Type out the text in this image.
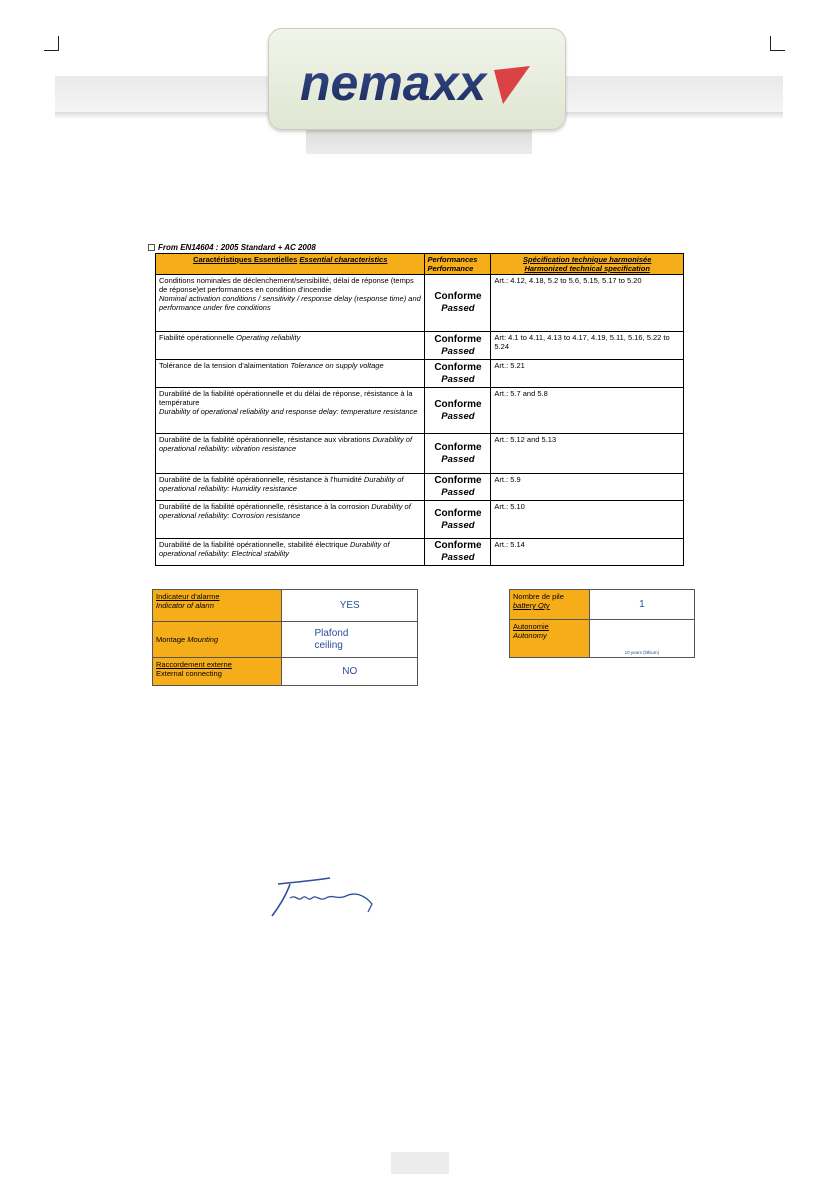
nemaxx
From EN14604 : 2005 Standard + AC 2008
Caractéristiques Essentielles Essential characteristics	Performances
Performance	Spécification technique harmonisée
Harmonized technical specification
Conditions nominales de déclenchement/sensibilité, délai de réponse (temps de réponse)et performances en condition d'incendie
Nominal activation conditions / sensitivity / response delay (response time) and performance under fire conditions	Conforme
Passed	Art.: 4.12, 4.18, 5.2 to 5.6, 5.15, 5.17 to 5.20
Fiabilité opérationnelle Operating reliability	Conforme
Passed	Art: 4.1 to 4.11, 4.13 to 4.17, 4.19, 5.11, 5.16, 5.22 to 5.24
Tolérance de la tension d'alaimentation Tolerance on supply voltage	Conforme
Passed	Art.: 5.21
Durabilité de la fiabilité opérationnelle et du délai de réponse, résistance à la température
Durability of operational reliability and response delay: temperature resistance	Conforme
Passed	Art.: 5.7 and 5.8
Durabilité de la fiabilité opérationnelle, résistance aux vibrations Durability of operational reliability: vibration resistance	Conforme
Passed	Art.: 5.12 and 5.13
Durabilité de la fiabilité opérationnelle, résistance à l'humidité Durability of operational reliability: Humidity resistance	Conforme
Passed	Art.: 5.9
Durabilité de la fiabilité opérationnelle, résistance à la corrosion Durability of operational reliability: Corrosion resistance	Conforme
Passed	Art.: 5.10
Durabilité de la fiabilité opérationnelle, stabilité électrique Durability of operational reliability: Electrical stability	Conforme
Passed	Art.: 5.14
Indicateur d'alarme
Indicator of alarm	YES
Montage Mounting	Plafond
ceiling
Raccordement externe
External connecting	NO
Nombre de pile
battery Qty	1
Autonomie
Autonomy	10 years (lithium)
